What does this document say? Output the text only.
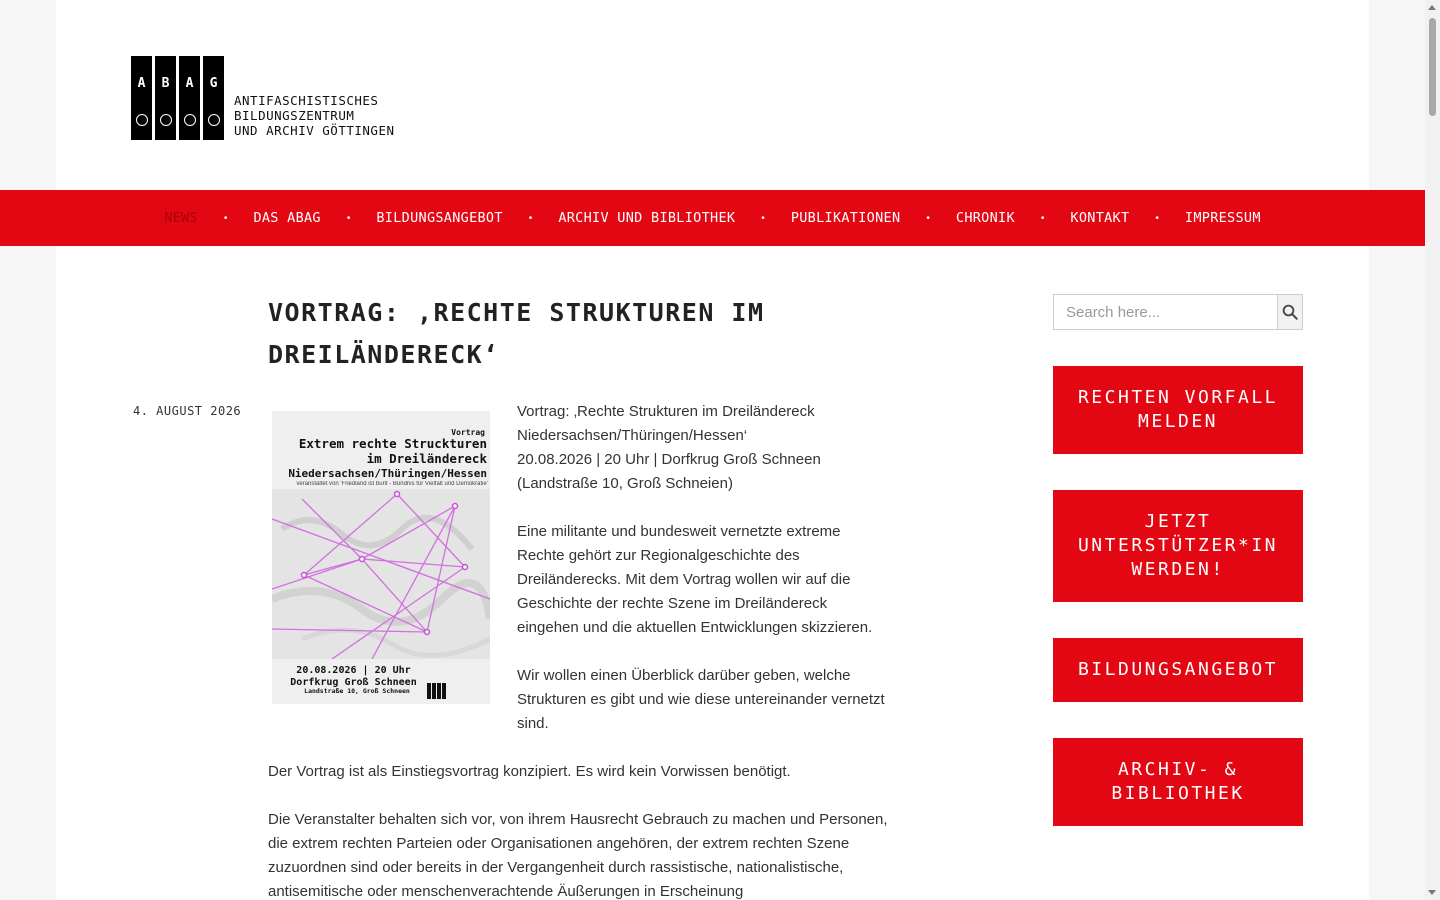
A B A G
ANTIFASCHISTISCHES
BILDUNGSZENTRUM
UND ARCHIV GÖTTINGEN
NEWS	• DAS ABAG	• BILDUNGSANGEBOT	• ARCHIV UND BIBLIOTHEK	• PUBLIKATIONEN	• CHRONIK	• KONTAKT	• IMPRESSUM
VORTRAG: ‚RECHTE STRUKTUREN IM DREILÄNDERECK‘
4. AUGUST 2026
Vortrag
Extrem rechte Struckturen
im Dreiländereck
Niedersachsen/Thüringen/Hessen
veranstaltet von 'Friedland ist bunt - Bündnis für Vielfalt und Demokratie'
20.08.2026 | 20 Uhr
Dorfkrug Groß Schneen
Landstraße 10, Groß Schneen

Vortrag: ‚Rechte Strukturen im Dreiländereck Niedersachsen/Thüringen/Hessen‘
20.08.2026 | 20 Uhr | Dorfkrug Groß Schneen
(Landstraße 10, Groß Schneien)

Eine militante und bundesweit vernetzte extreme Rechte gehört zur Regionalgeschichte des Dreiländerecks. Mit dem Vortrag wollen wir auf die Geschichte der rechte Szene im Dreiländereck eingehen und die aktuellen Entwicklungen skizzieren.

Wir wollen einen Überblick darüber geben, welche Strukturen es gibt und wie diese untereinander vernetzt sind.

Der Vortrag ist als Einstiegsvortrag konzipiert. Es wird kein Vorwissen benötigt.

Die Veranstalter behalten sich vor, von ihrem Hausrecht Gebrauch zu machen und Personen, die extrem rechten Parteien oder Organisationen angehören, der extrem rechten Szene zuzuordnen sind oder bereits in der Vergangenheit durch rassistische, nationalistische, antisemitische oder menschenverachtende Äußerungen in Erscheinung

Search here...
RECHTEN VORFALL MELDEN
JETZT UNTERSTÜTZER*IN WERDEN!
BILDUNGSANGEBOT
ARCHIV- & BIBLIOTHEK
